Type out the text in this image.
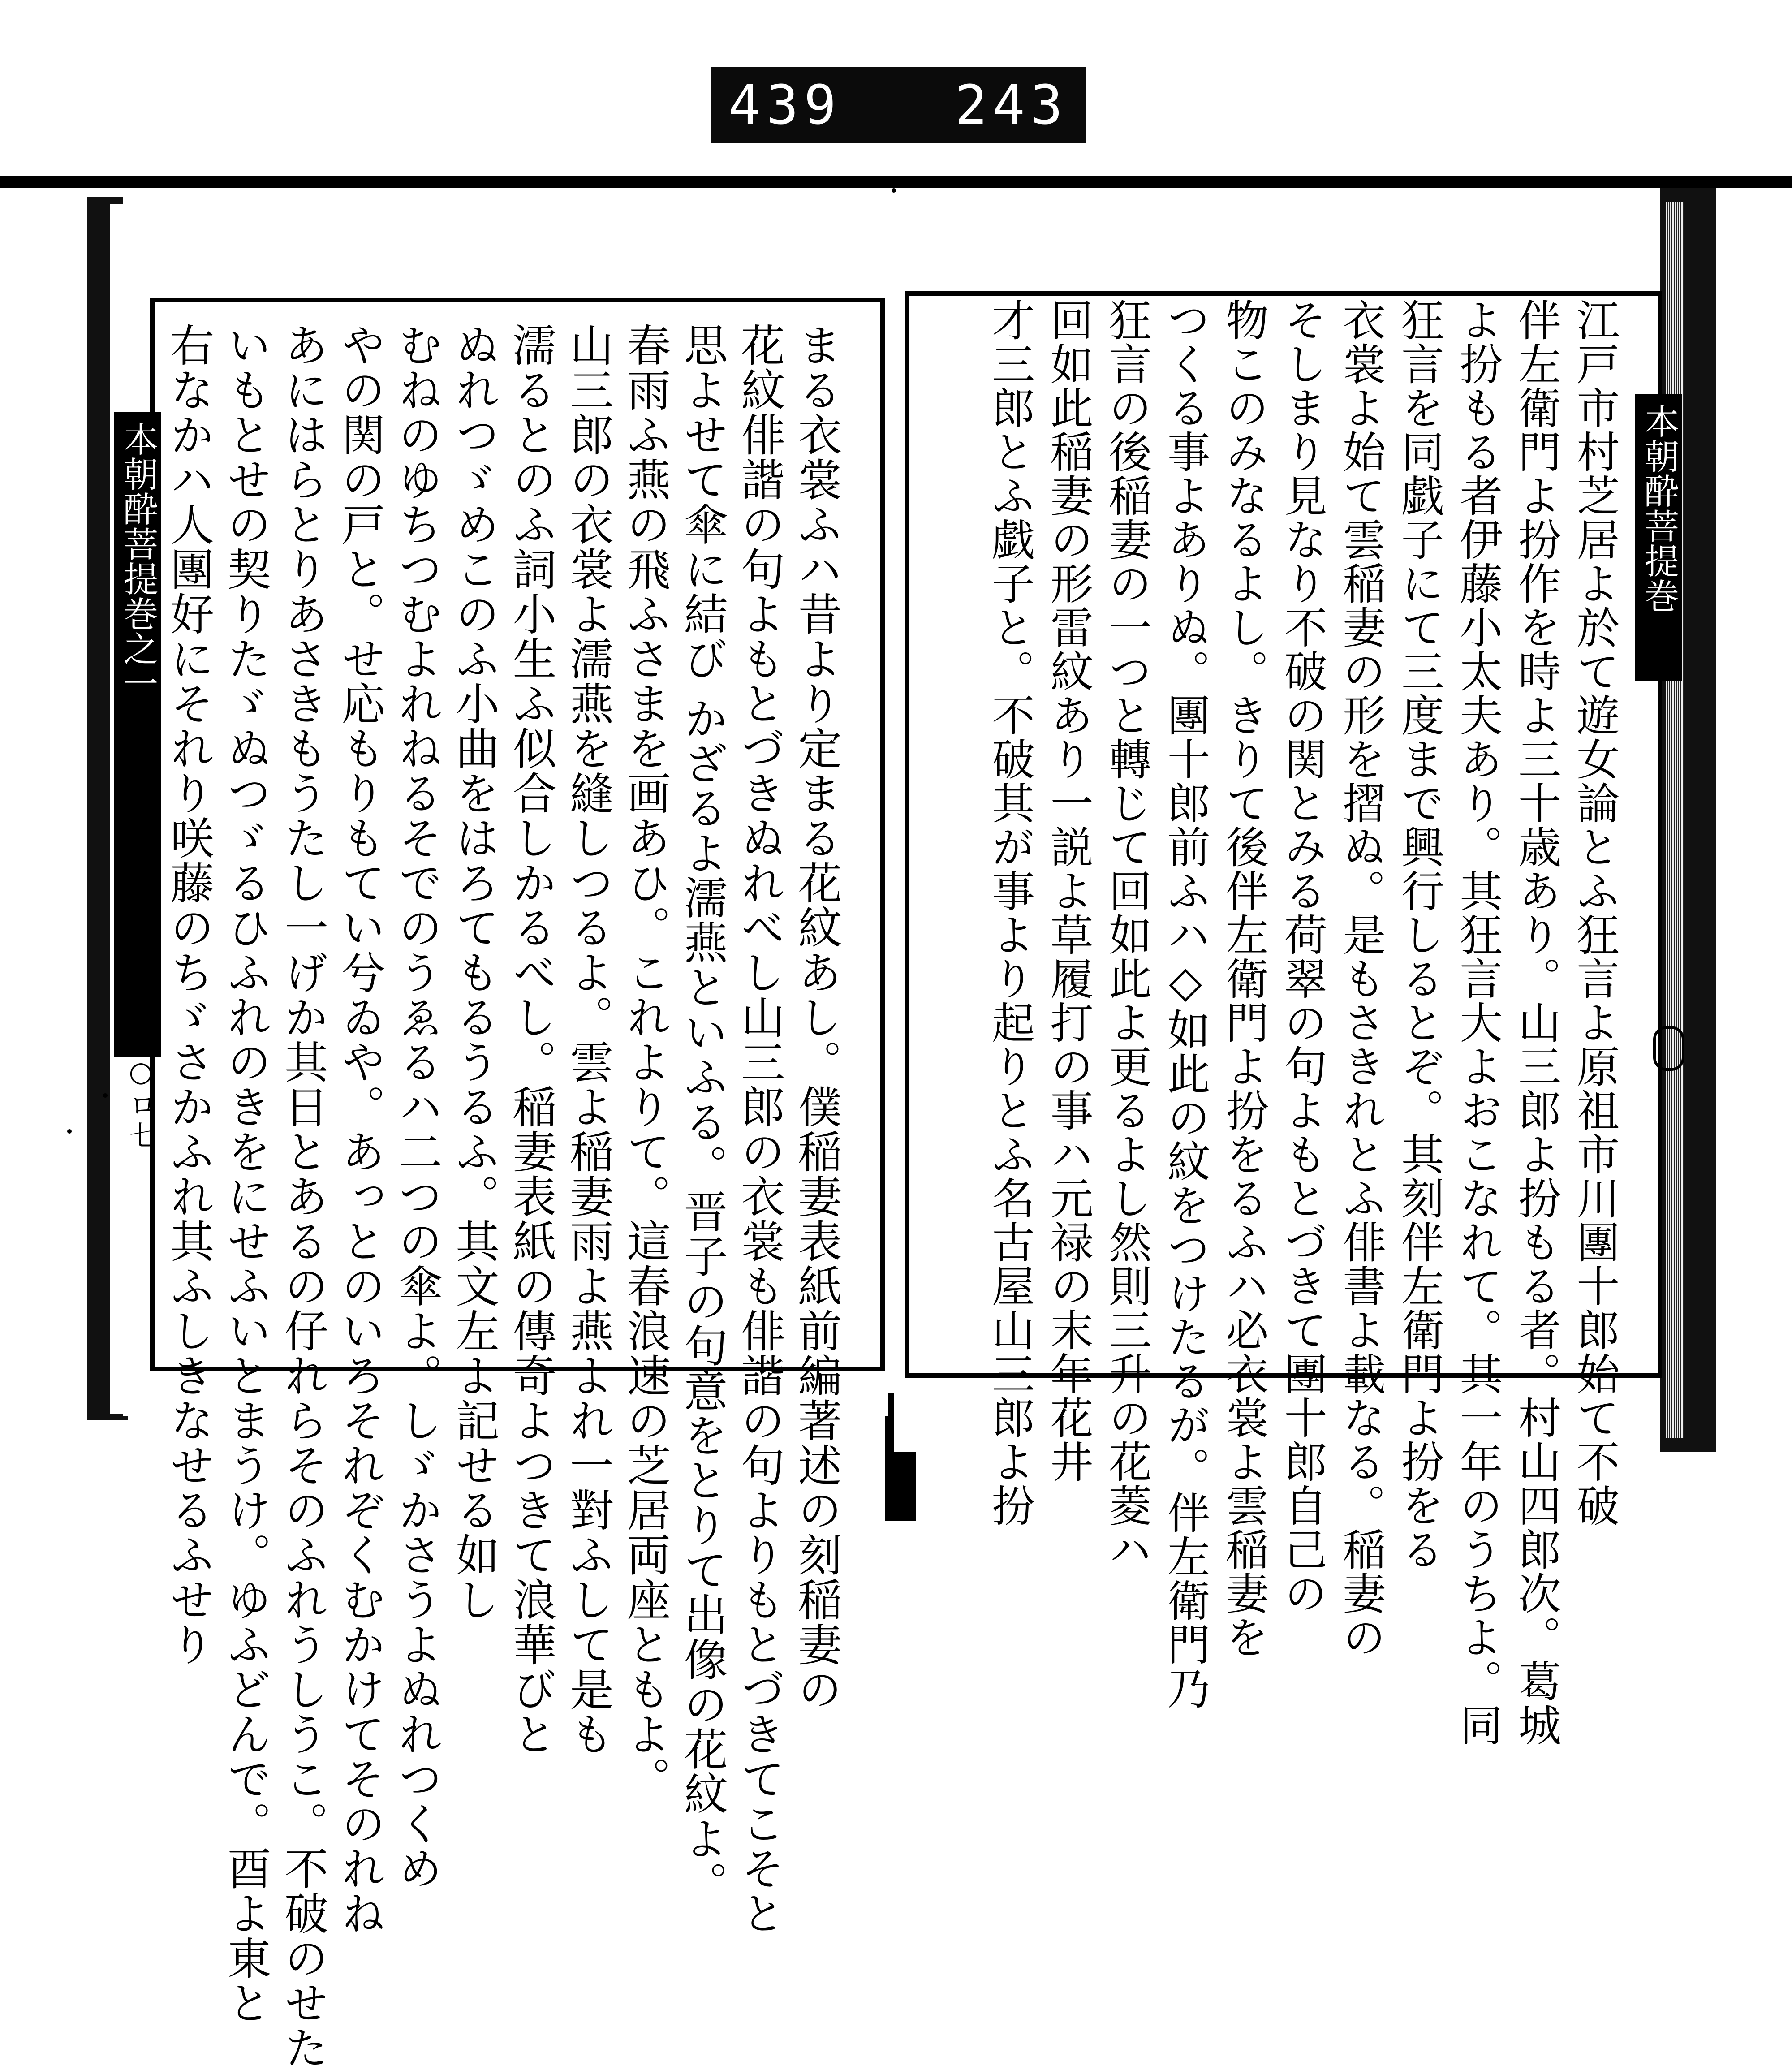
439
243
本朝酔菩提巻之一	本朝酔菩提巻
○ロ七	江戸市村芝居よ於て遊女論とふ狂言よ原祖市川團十郎始て不破
伴左衛門よ扮作を時よ三十歳あり。山三郎よ扮もる者。村山四郎次。葛城
よ扮もる者伊藤小太夫あり。其狂言大よおこなれて。其一年のうちよ。同
狂言を同戯子にて三度まで興行しるとぞ。其刻伴左衛門よ扮をる
衣裳よ始て雲稲妻の形を摺ぬ。是もさきれとふ俳書よ載なる。稲妻の
そしまり見なり不破の関とみる荷翠の句よもとづきて團十郎自己の
物このみなるよし。きりて後伴左衛門よ扮をるふハ必衣裳よ雲稲妻を
つくる事よありぬ。團十郎前ふハ◇如此の紋をつけたるが。伴左衛門乃
狂言の後稲妻の一つと轉じて回如此よ更るよし然則三升の花菱ハ
回如此稲妻の形雷紋あり一説よ草履打の事ハ元禄の末年花井
才三郎とふ戯子と。不破其が事より起りとふ名古屋山三郎よ扮
まる衣裳ふハ昔より定まる花紋あし。僕稲妻表紙前編著述の刻稲妻の
花紋俳諧の句よもとづきぬれべし山三郎の衣裳も俳諧の句よりもとづきてこそと
思よせて傘に結び かざるよ濡燕といふる。晋子の句意をとりて出像の花紋よ。
春雨ふ燕の飛ふさまを画あひ。これよりて。這春浪速の芝居両座ともよ。
山三郎の衣裳よ濡燕を縫しつるよ。雲よ稲妻雨よ燕よれ一對ふして是も
濡るとのふ詞小生ふ似合しかるべし。稲妻表紙の傳奇よつきて浪華びと
ぬれつゞめこのふ小曲をはろてもるうるふ。其文左よ記せる如し
むねのゆちつむよれねるそでのうゑるハ二つの傘よ。しゞかさうよぬれつくめ
やの関の戸と。せ応もりもてい兮ゐや。あっとのいろそれぞくむかけてそのれね
あにはらとりあさきもうたし一げか其日とあるの仔れらそのふれうしうこ。不破のせた
いもとせの契りたゞぬつゞるひふれのきをにせふいとまうけ。ゆふどんで。酉よ東と
右なかハ人團好にそれり咲藤のちゞさかふれ其ふしきなせるふせり
